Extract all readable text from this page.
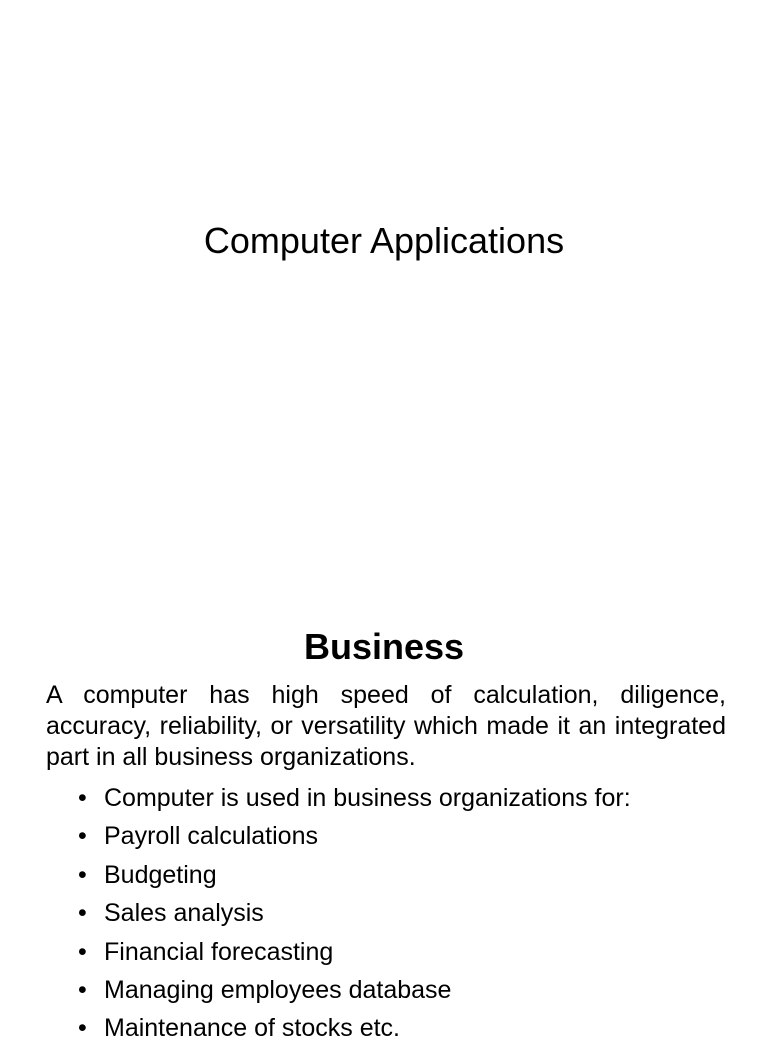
Computer Applications
Business

A computer has high speed of calculation, diligence, accuracy, reliability, or versatility which made it an integrated part in all business organizations.

• Computer is used in business organizations for:
• Payroll calculations
• Budgeting
• Sales analysis
• Financial forecasting
• Managing employees database
• Maintenance of stocks etc.
